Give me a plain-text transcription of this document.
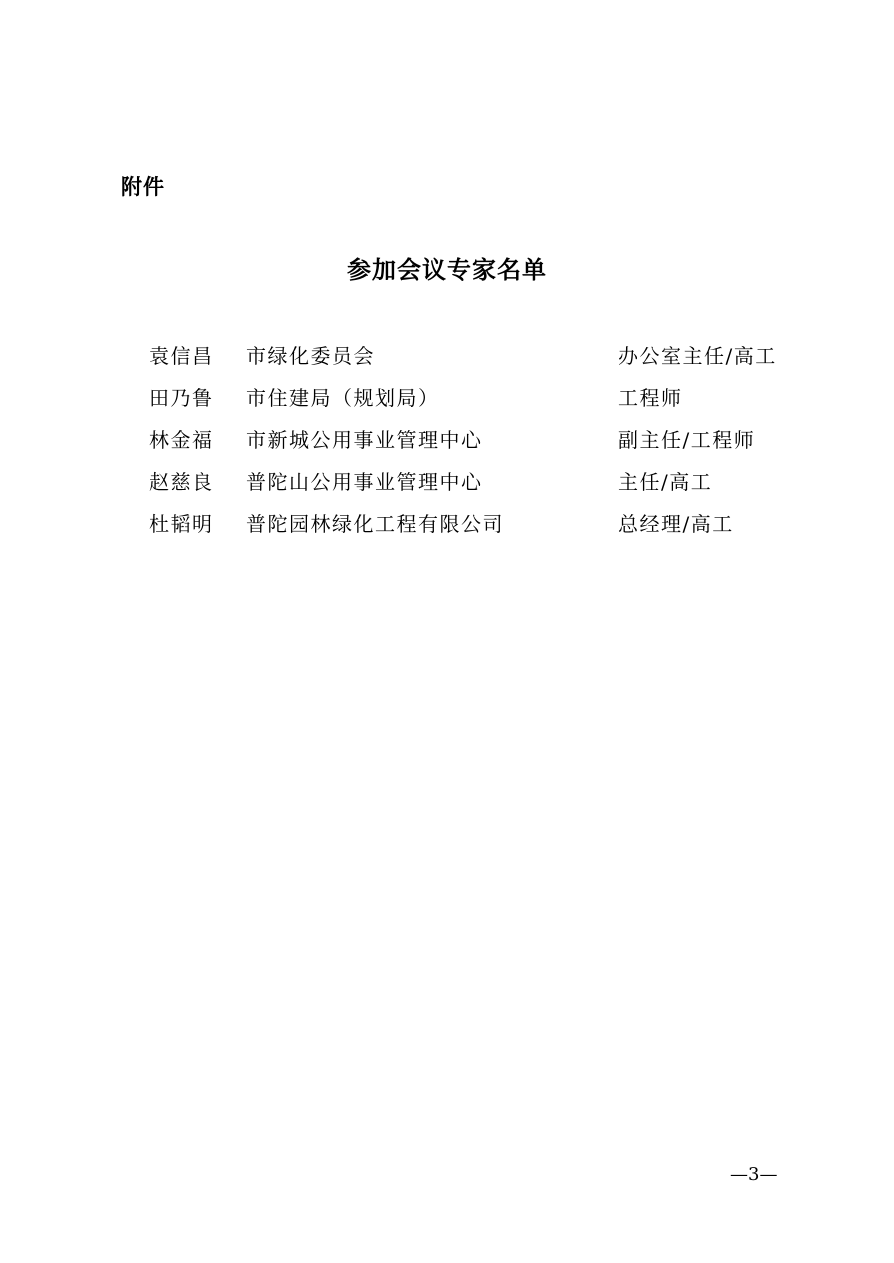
附件
参加会议专家名单
袁信昌 市绿化委员会	办公室主任/高工
田乃鲁 市住建局（规划局）	工程师
林金福 市新城公用事业管理中心	副主任/工程师
赵慈良 普陀山公用事业管理中心	主任/高工
杜韬明 普陀园林绿化工程有限公司	总经理/高工
—3—
